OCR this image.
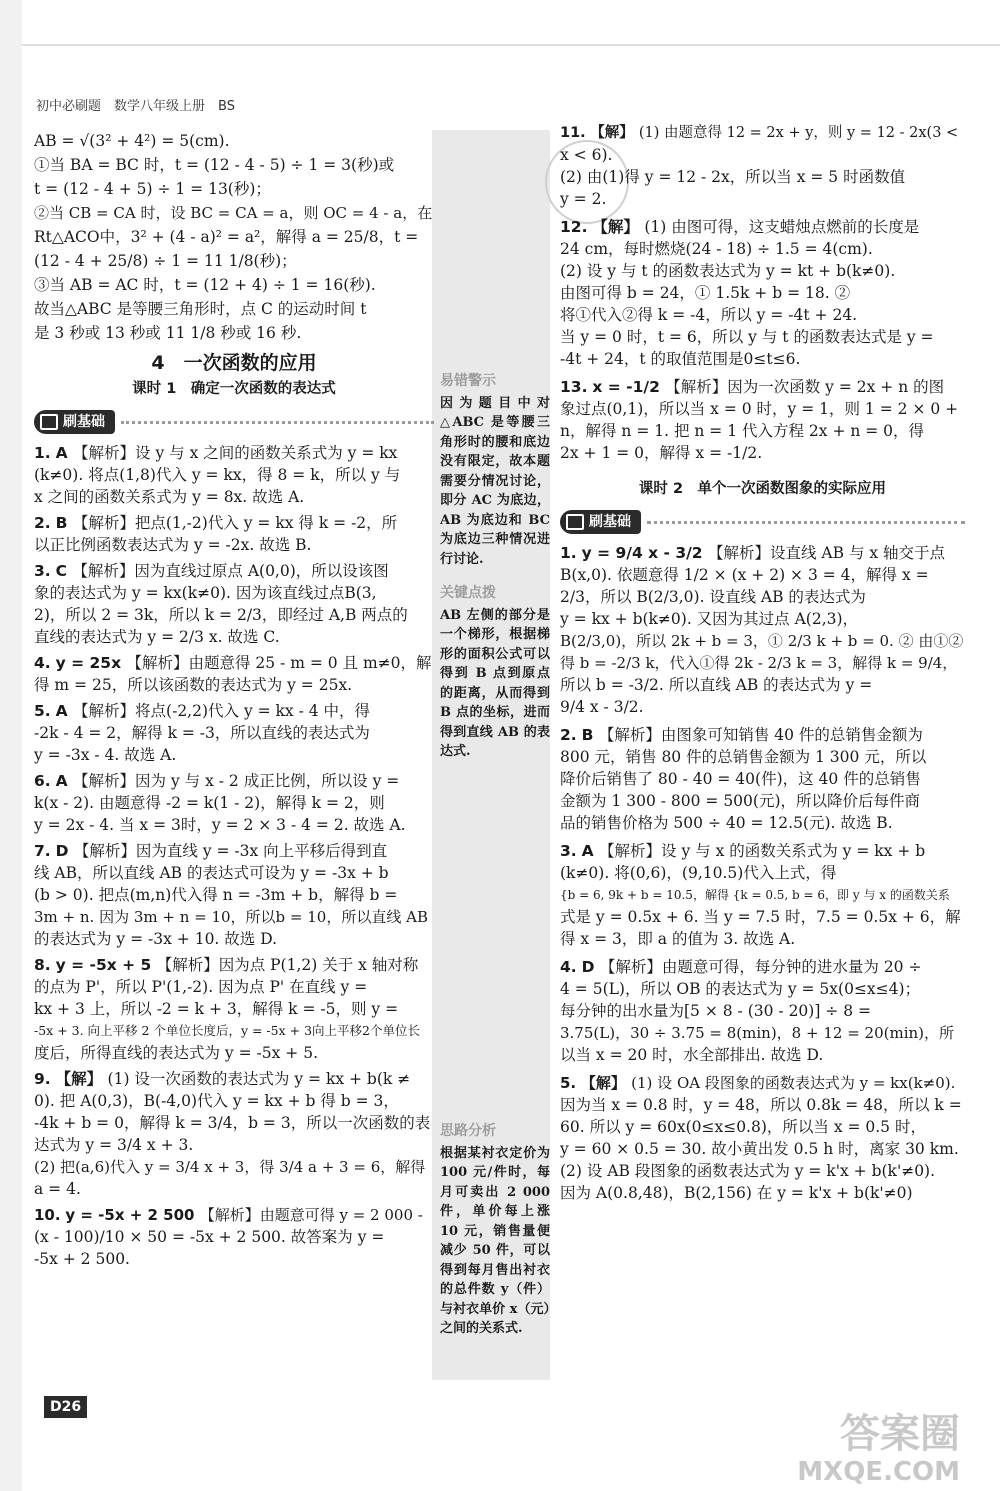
初中必刷题　数学八年级上册　BS
易错警示
因为题目中对△ABC 是等腰三角形时的腰和底边没有限定，故本题需要分情况讨论，即分 AC 为底边，AB 为底边和 BC 为底边三种情况进行讨论.
关键点拨
AB 左侧的部分是一个梯形，根据梯形的面积公式可以得到 B 点到原点的距离，从而得到 B 点的坐标，进而得到直线 AB 的表达式.
思路分析
根据某衬衣定价为 100 元/件时，每月可卖出 2 000 件，单价每上涨 10 元，销售量便减少 50 件，可以得到每月售出衬衣的总件数 y（件）与衬衣单价 x（元）之间的关系式.
AB = √(3² + 4²) = 5(cm).
①当 BA = BC 时，t = (12 - 4 - 5) ÷ 1 = 3(秒)或
t = (12 - 4 + 5) ÷ 1 = 13(秒)；
②当 CB = CA 时，设 BC = CA = a，则 OC = 4 - a，在
Rt△ACO中，3² + (4 - a)² = a²，解得 a = 25/8，t =
(12 - 4 + 25/8) ÷ 1 = 11 1/8(秒)；
③当 AB = AC 时，t = (12 + 4) ÷ 1 = 16(秒).
故当△ABC 是等腰三角形时，点 C 的运动时间 t
是 3 秒或 13 秒或 11 1/8 秒或 16 秒.
4　一次函数的应用
课时 1　确定一次函数的表达式
刷基础
1. A 【解析】设 y 与 x 之间的函数关系式为 y = kx
(k≠0). 将点(1,8)代入 y = kx，得 8 = k，所以 y 与
x 之间的函数关系式为 y = 8x. 故选 A.
2. B 【解析】把点(1,-2)代入 y = kx 得 k = -2，所
以正比例函数表达式为 y = -2x. 故选 B.
3. C 【解析】因为直线过原点 A(0,0)，所以设该图
象的表达式为 y = kx(k≠0). 因为该直线过点B(3,
2)，所以 2 = 3k，所以 k = 2/3，即经过 A,B 两点的
直线的表达式为 y = 2/3 x. 故选 C.
4. y = 25x 【解析】由题意得 25 - m = 0 且 m≠0，解
得 m = 25，所以该函数的表达式为 y = 25x.
5. A 【解析】将点(-2,2)代入 y = kx - 4 中，得
-2k - 4 = 2，解得 k = -3，所以直线的表达式为
y = -3x - 4. 故选 A.
6. A 【解析】因为 y 与 x - 2 成正比例，所以设 y =
k(x - 2). 由题意得 -2 = k(1 - 2)，解得 k = 2，则
y = 2x - 4. 当 x = 3时，y = 2 × 3 - 4 = 2. 故选 A.
7. D 【解析】因为直线 y = -3x 向上平移后得到直
线 AB，所以直线 AB 的表达式可设为 y = -3x + b
(b > 0). 把点(m,n)代入得 n = -3m + b，解得 b =
3m + n. 因为 3m + n = 10，所以b = 10，所以直线 AB
的表达式为 y = -3x + 10. 故选 D.
8. y = -5x + 5 【解析】因为点 P(1,2) 关于 x 轴对称
的点为 P'，所以 P'(1,-2). 因为点 P' 在直线 y =
kx + 3 上，所以 -2 = k + 3，解得 k = -5，则 y =
-5x + 3. 向上平移 2 个单位长度后，y = -5x + 3向上平移2个单位长
度后，所得直线的表达式为 y = -5x + 5.
9. 【解】 (1) 设一次函数的表达式为 y = kx + b(k ≠
0). 把 A(0,3)，B(-4,0)代入 y = kx + b 得 b = 3，
-4k + b = 0，解得 k = 3/4，b = 3，所以一次函数的表
达式为 y = 3/4 x + 3.
(2) 把(a,6)代入 y = 3/4 x + 3，得 3/4 a + 3 = 6，解得
a = 4.
10. y = -5x + 2 500 【解析】由题意可得 y = 2 000 -
(x - 100)/10 × 50 = -5x + 2 500. 故答案为 y =
-5x + 2 500.
11. 【解】 (1) 由题意得 12 = 2x + y，则 y = 12 - 2x(3 <
x < 6).
(2) 由(1)得 y = 12 - 2x，所以当 x = 5 时函数值
y = 2.
12. 【解】 (1) 由图可得，这支蜡烛点燃前的长度是
24 cm，每时燃烧(24 - 18) ÷ 1.5 = 4(cm).
(2) 设 y 与 t 的函数表达式为 y = kt + b(k≠0).
由图可得 b = 24，① 1.5k + b = 18. ②
将①代入②得 k = -4，所以 y = -4t + 24.
当 y = 0 时，t = 6，所以 y 与 t 的函数表达式是 y =
-4t + 24，t 的取值范围是0≤t≤6.
13. x = -1/2 【解析】因为一次函数 y = 2x + n 的图
象过点(0,1)，所以当 x = 0 时，y = 1，则 1 = 2 × 0 +
n，解得 n = 1. 把 n = 1 代入方程 2x + n = 0，得
2x + 1 = 0，解得 x = -1/2.
课时 2　单个一次函数图象的实际应用
刷基础
1. y = 9/4 x - 3/2 【解析】设直线 AB 与 x 轴交于点
B(x,0). 依题意得 1/2 × (x + 2) × 3 = 4，解得 x =
2/3，所以 B(2/3,0). 设直线 AB 的表达式为
y = kx + b(k≠0). 又因为其过点 A(2,3)，
B(2/3,0)，所以 2k + b = 3，① 2/3 k + b = 0. ② 由①②
得 b = -2/3 k，代入①得 2k - 2/3 k = 3，解得 k = 9/4，
所以 b = -3/2. 所以直线 AB 的表达式为 y =
9/4 x - 3/2.
2. B 【解析】由图象可知销售 40 件的总销售金额为
800 元，销售 80 件的总销售金额为 1 300 元，所以
降价后销售了 80 - 40 = 40(件)，这 40 件的总销售
金额为 1 300 - 800 = 500(元)，所以降价后每件商
品的销售价格为 500 ÷ 40 = 12.5(元). 故选 B.
3. A 【解析】设 y 与 x 的函数关系式为 y = kx + b
(k≠0). 将(0,6)，(9,10.5)代入上式，得
{b = 6, 9k + b = 10.5，解得 {k = 0.5, b = 6，即 y 与 x 的函数关系
式是 y = 0.5x + 6. 当 y = 7.5 时，7.5 = 0.5x + 6，解
得 x = 3，即 a 的值为 3. 故选 A.
4. D 【解析】由题意可得，每分钟的进水量为 20 ÷
4 = 5(L)，所以 OB 的表达式为 y = 5x(0≤x≤4)；
每分钟的出水量为[5 × 8 - (30 - 20)] ÷ 8 =
3.75(L)，30 ÷ 3.75 = 8(min)，8 + 12 = 20(min)，所
以当 x = 20 时，水全部排出. 故选 D.
5. 【解】 (1) 设 OA 段图象的函数表达式为 y = kx(k≠0).
因为当 x = 0.8 时，y = 48，所以 0.8k = 48，所以 k =
60. 所以 y = 60x(0≤x≤0.8)，所以当 x = 0.5 时，
y = 60 × 0.5 = 30. 故小黄出发 0.5 h 时，离家 30 km.
(2) 设 AB 段图象的函数表达式为 y = k'x + b(k'≠0).
因为 A(0.8,48)，B(2,156) 在 y = k'x + b(k'≠0)
D26
答案圈
MXQE.COM
